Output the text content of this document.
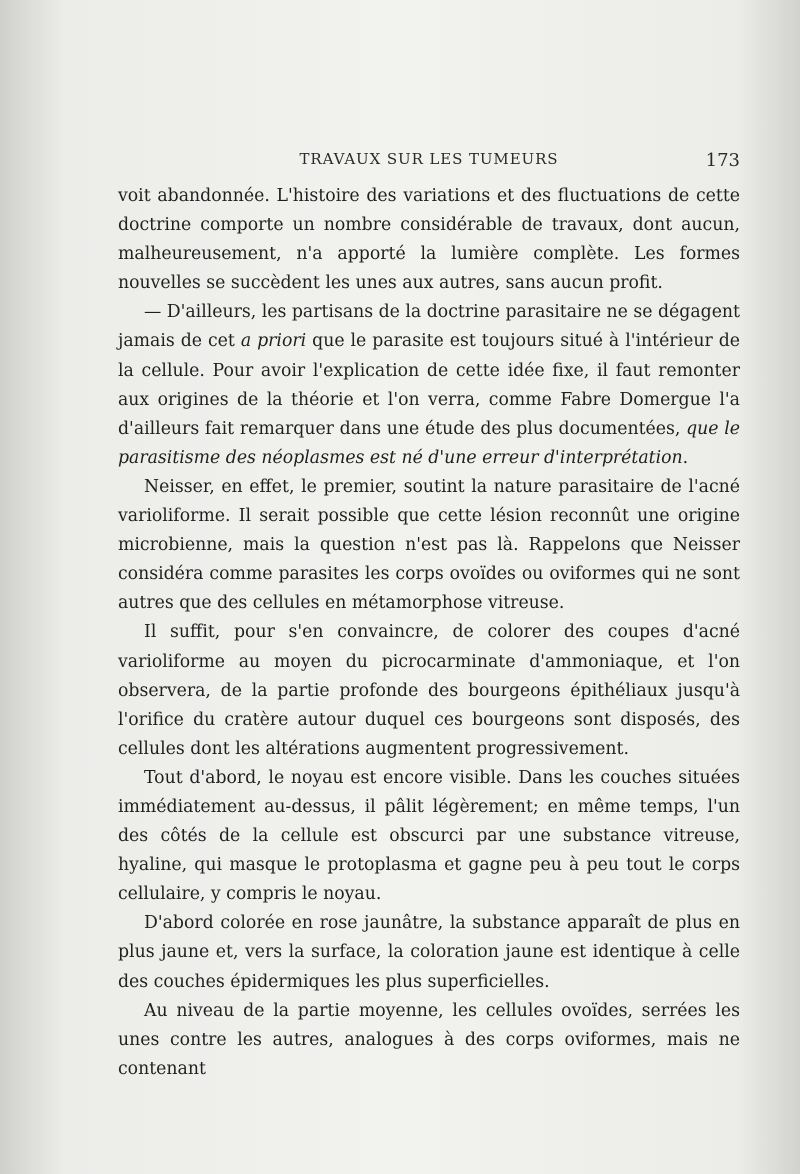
TRAVAUX SUR LES TUMEURS	173

voit abandonnée. L'histoire des variations et des fluctuations de cette doctrine comporte un nombre considérable de travaux, dont aucun, malheureusement, n'a apporté la lumière complète. Les formes nouvelles se succèdent les unes aux autres, sans aucun profit.

— D'ailleurs, les partisans de la doctrine parasitaire ne se dégagent jamais de cet a priori que le parasite est toujours situé à l'intérieur de la cellule. Pour avoir l'explication de cette idée fixe, il faut remonter aux origines de la théorie et l'on verra, comme Fabre Domergue l'a d'ailleurs fait remarquer dans une étude des plus documentées, que le parasitisme des néoplasmes est né d'une erreur d'interprétation.

Neisser, en effet, le premier, soutint la nature parasitaire de l'acné varioliforme. Il serait possible que cette lésion reconnût une origine microbienne, mais la question n'est pas là. Rappelons que Neisser considéra comme parasites les corps ovoïdes ou oviformes qui ne sont autres que des cellules en métamorphose vitreuse.

Il suffit, pour s'en convaincre, de colorer des coupes d'acné varioliforme au moyen du picrocarminate d'ammoniaque, et l'on observera, de la partie profonde des bourgeons épithéliaux jusqu'à l'orifice du cratère autour duquel ces bourgeons sont disposés, des cellules dont les altérations augmentent progressivement.

Tout d'abord, le noyau est encore visible. Dans les couches situées immédiatement au-dessus, il pâlit légèrement; en même temps, l'un des côtés de la cellule est obscurci par une substance vitreuse, hyaline, qui masque le protoplasma et gagne peu à peu tout le corps cellulaire, y compris le noyau.

D'abord colorée en rose jaunâtre, la substance apparaît de plus en plus jaune et, vers la surface, la coloration jaune est identique à celle des couches épidermiques les plus superficielles.

Au niveau de la partie moyenne, les cellules ovoïdes, serrées les unes contre les autres, analogues à des corps oviformes, mais ne contenant
